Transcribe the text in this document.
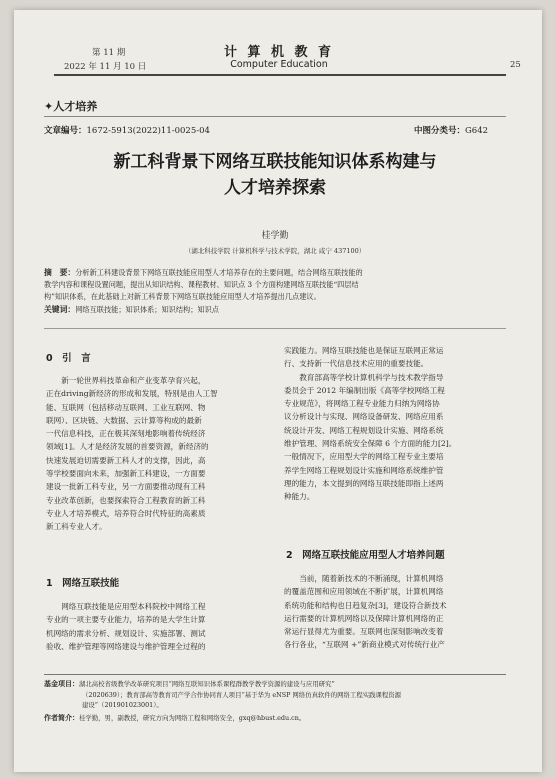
第 11 期
2022 年 11 月 10 日
计 算 机 教 育
Computer Education	25
✦人才培养
文章编号：1672-5913(2022)11-0025-04	中图分类号：G642
新工科背景下网络互联技能知识体系构建与
人才培养探索
桂学勤
（湖北科技学院 计算机科学与技术学院，湖北 咸宁 437100）
摘　要：分析新工科建设背景下网络互联技能应用型人才培养存在的主要问题，结合网络互联技能的
教学内容和课程设置问题，提出从知识结构、课程教材、知识点 3 个方面构建网络互联技能“四层结
构”知识体系，在此基础上对新工科背景下网络互联技能应用型人才培养提出几点建议。
关键词：网络互联技能；知识体系；知识结构；知识点
0　引　言

新一轮世界科技革命和产业变革孕育兴起，

正在driving新经济的形成和发展，特别是由人工智
能、互联网（包括移动互联网、工业互联网、物
联网）、区块链、大数据、云计算等构成的最新
一代信息科技，正在极其深刻地影响着传统经济
领域[1]。人才是经济发展的首要资源，新经济的
快速发展迫切需要新工科人才的支撑，因此，高
等学校要面向未来，加强新工科建设，一方面要
建设一批新工科专业，另一方面要推动现有工科
专业改革创新，也要探索符合工程教育的新工科
专业人才培养模式，培养符合时代特征的高素质
新工科专业人才。
1　网络互联技能

网络互联技能是应用型本科院校中网络工程

专业的一项主要专业能力，培养的是大学生计算
机网络的需求分析、规划设计、实施部署、测试
验收、维护管理等网络建设与维护管理全过程的
实践能力。网络互联技能也是保证互联网正常运
行、支持新一代信息技术应用的重要技能。

教育部高等学校计算机科学与技术教学指导

委员会于 2012 年编制出版《高等学校网络工程
专业规范》，将网络工程专业能力归纳为网络协
议分析设计与实现、网络设备研发、网络应用系
统设计开发、网络工程规划设计实施、网络系统
维护管理、网络系统安全保障 6 个方面的能力[2]。
一般情况下，应用型大学的网络工程专业主要培
养学生网络工程规划设计实施和网络系统维护管
理的能力，本文提到的网络互联技能即指上述两
种能力。
2　网络互联技能应用型人才培养问题

当前，随着新技术的不断涌现，计算机网络

的覆盖范围和应用领域在不断扩展，计算机网络
系统功能和结构也日趋复杂[3]，建设符合新技术
运行需要的计算机网络以及保障计算机网络的正
常运行显得尤为重要。互联网也深刻影响改变着
各行各业，“互联网 +”新商业模式对传统行业产
基金项目：湖北高校省级教学改革研究项目“网络互联知识体系课程群教学教学资源的建设与应用研究”
（2020639）；教育部高等教育司产学合作协同育人项目“基于华为 eNSP 网络仿真软件的网络工程实践课程资源
建设”（201901023001）。
作者简介：桂学勤，男，副教授，研究方向为网络工程和网络安全，gxq@hbust.edu.cn。
